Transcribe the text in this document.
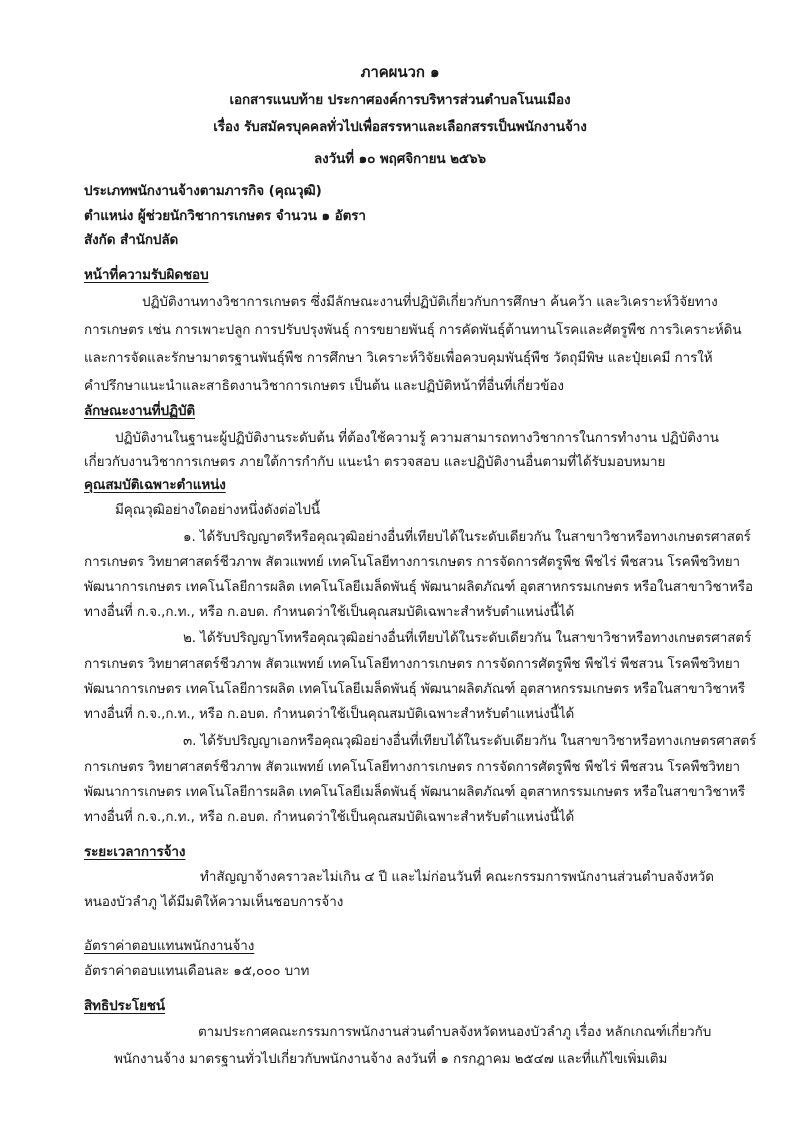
ภาคผนวก ๑
เอกสารแนบท้าย ประกาศองค์การบริหารส่วนตำบลโนนเมือง
เรื่อง รับสมัครบุคคลทั่วไปเพื่อสรรหาและเลือกสรรเป็นพนักงานจ้าง
ลงวันที่ ๑๐ พฤศจิกายน ๒๕๖๖
ประเภทพนักงานจ้างตามภารกิจ (คุณวุฒิ)
ตำแหน่ง ผู้ช่วยนักวิชาการเกษตร จำนวน ๑ อัตรา
สังกัด สำนักปลัด
หน้าที่ความรับผิดชอบ
ปฏิบัติงานทางวิชาการเกษตร ซึ่งมีลักษณะงานที่ปฏิบัติเกี่ยวกับการศึกษา ค้นคว้า และวิเคราะห์วิจัยทาง
การเกษตร เช่น การเพาะปลูก การปรับปรุงพันธุ์ การขยายพันธุ์ การคัดพันธุ์ต้านทานโรคและศัตรูพืช การวิเคราะห์ดิน
และการจัดและรักษามาตรฐานพันธุ์พืช การศึกษา วิเคราะห์วิจัยเพื่อควบคุมพันธุ์พืช วัตถุมีพิษ และปุ๋ยเคมี การให้
คำปรึกษาแนะนำและสาธิตงานวิชาการเกษตร เป็นต้น และปฏิบัติหน้าที่อื่นที่เกี่ยวข้อง
ลักษณะงานที่ปฏิบัติ
ปฏิบัติงานในฐานะผู้ปฏิบัติงานระดับต้น ที่ต้องใช้ความรู้ ความสามารถทางวิชาการในการทำงาน ปฏิบัติงาน
เกี่ยวกับงานวิชาการเกษตร ภายใต้การกำกับ แนะนำ ตรวจสอบ และปฏิบัติงานอื่นตามที่ได้รับมอบหมาย
คุณสมบัติเฉพาะตำแหน่ง
มีคุณวุฒิอย่างใดอย่างหนึ่งดังต่อไปนี้
๑. ได้รับปริญญาตรีหรือคุณวุฒิอย่างอื่นที่เทียบได้ในระดับเดียวกัน ในสาขาวิชาหรือทางเกษตรศาสตร์
การเกษตร วิทยาศาสตร์ชีวภาพ สัตวแพทย์ เทคโนโลยีทางการเกษตร การจัดการศัตรูพืช พืชไร่ พืชสวน โรคพืชวิทยา
พัฒนาการเกษตร เทคโนโลยีการผลิต เทคโนโลยีเมล็ดพันธุ์ พัฒนาผลิตภัณฑ์ อุตสาหกรรมเกษตร หรือในสาขาวิชาหรือ
ทางอื่นที่ ก.จ.,ก.ท., หรือ ก.อบต. กำหนดว่าใช้เป็นคุณสมบัติเฉพาะสำหรับตำแหน่งนี้ได้
๒. ได้รับปริญญาโทหรือคุณวุฒิอย่างอื่นที่เทียบได้ในระดับเดียวกัน ในสาขาวิชาหรือทางเกษตรศาสตร์
การเกษตร วิทยาศาสตร์ชีวภาพ สัตวแพทย์ เทคโนโลยีทางการเกษตร การจัดการศัตรูพืช พืชไร่ พืชสวน โรคพืชวิทยา
พัฒนาการเกษตร เทคโนโลยีการผลิต เทคโนโลยีเมล็ดพันธุ์ พัฒนาผลิตภัณฑ์ อุตสาหกรรมเกษตร หรือในสาขาวิชาหรื
ทางอื่นที่ ก.จ.,ก.ท., หรือ ก.อบต. กำหนดว่าใช้เป็นคุณสมบัติเฉพาะสำหรับตำแหน่งนี้ได้
๓. ได้รับปริญญาเอกหรือคุณวุฒิอย่างอื่นที่เทียบได้ในระดับเดียวกัน ในสาขาวิชาหรือทางเกษตรศาสตร์
การเกษตร วิทยาศาสตร์ชีวภาพ สัตวแพทย์ เทคโนโลยีทางการเกษตร การจัดการศัตรูพืช พืชไร่ พืชสวน โรคพืชวิทยา
พัฒนาการเกษตร เทคโนโลยีการผลิต เทคโนโลยีเมล็ดพันธุ์ พัฒนาผลิตภัณฑ์ อุตสาหกรรมเกษตร หรือในสาขาวิชาหรื
ทางอื่นที่ ก.จ.,ก.ท., หรือ ก.อบต. กำหนดว่าใช้เป็นคุณสมบัติเฉพาะสำหรับตำแหน่งนี้ได้
ระยะเวลาการจ้าง
ทำสัญญาจ้างคราวละไม่เกิน ๔ ปี และไม่ก่อนวันที่ คณะกรรมการพนักงานส่วนตำบลจังหวัด
หนองบัวลำภู ได้มีมติให้ความเห็นชอบการจ้าง
อัตราค่าตอบแทนพนักงานจ้าง
อัตราค่าตอบแทนเดือนละ ๑๕,๐๐๐ บาท
สิทธิประโยชน์
ตามประกาศคณะกรรมการพนักงานส่วนตำบลจังหวัดหนองบัวลำภู เรื่อง หลักเกณฑ์เกี่ยวกับ
พนักงานจ้าง มาตรฐานทั่วไปเกี่ยวกับพนักงานจ้าง ลงวันที่ ๑ กรกฎาคม ๒๕๔๗ และที่แก้ไขเพิ่มเติม
